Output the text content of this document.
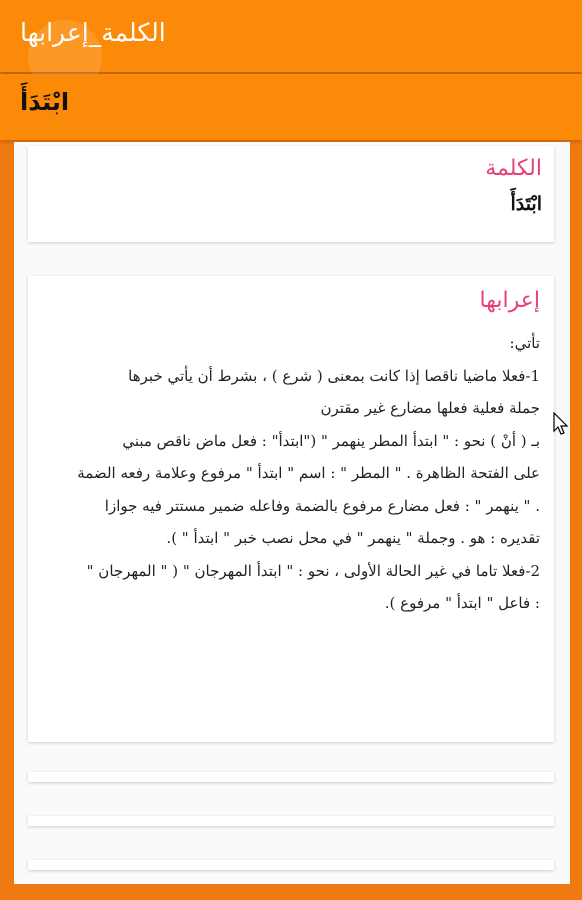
الكلمة_إعرابها
ابْتَدَأَ
الكلمة
ابْتَدَأَ
إعرابها
تأتي:
1-فعلا ماضيا ناقصا إذا كانت بمعنى ( شرع ) ، بشرط أن يأتي خبرها
جملة فعلية فعلها مضارع غير مقترن
بـ ( أنْ ) نحو : " ابتدأ المطر ينهمر " ("ابتدأ" : فعل ماض ناقص مبني
على الفتحة الظاهرة . " المطر " : اسم " ابتدأ " مرفوع وعلامة رفعه الضمة
. " ينهمر " : فعل مضارع مرفوع بالضمة وفاعله ضمير مستتر فيه جوازا
تقديره : هو . وجملة " ينهمر " في محل نصب خبر " ابتدأ " ).
2-فعلا تاما في غير الحالة الأولى ، نحو : " ابتدأ المهرجان " ( " المهرجان "
: فاعل " ابتدأ " مرفوع ).
